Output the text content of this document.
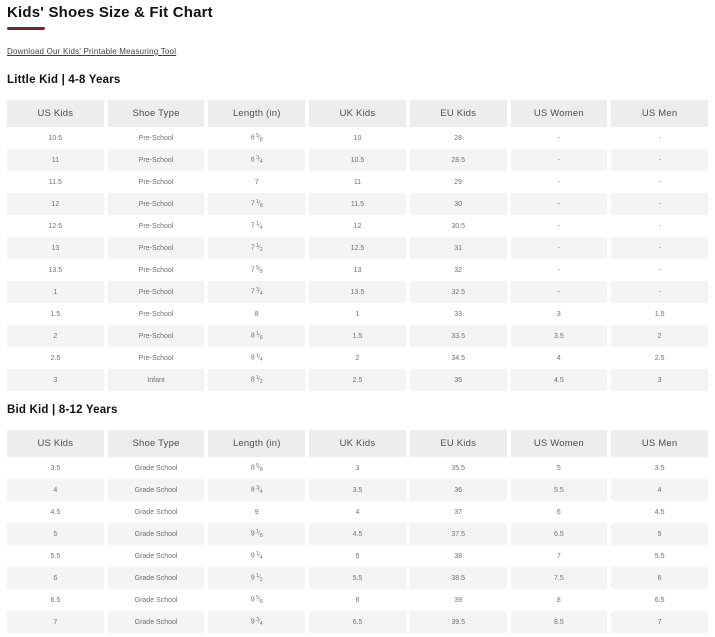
Kids' Shoes Size & Fit Chart
Download Our Kids' Printable Measuring Tool
Little Kid | 4-8 Years
US Kids	Shoe Type	Length (in)	UK Kids	EU Kids	US Women	US Men
10.5	Pre-School	6 $^5⁄_8$	10	28	-	-
11	Pre-School	6 $^3⁄_4$	10.5	28.5	-	-
11.5	Pre-School	7	11	29	-	-
12	Pre-School	7 $^1⁄_8$	11.5	30	-	-
12.5	Pre-School	7 $^1⁄_4$	12	30.5	-	-
13	Pre-School	7 $^1⁄_2$	12.5	31	-	-
13.5	Pre-School	7 $^5⁄_8$	13	32	-	-
1	Pre-School	7 $^3⁄_4$	13.5	32.5	-	-
1.5	Pre-School	8	1	33	3	1.5
2	Pre-School	8 $^1⁄_8$	1.5	33.5	3.5	2
2.5	Pre-School	8 $^1⁄_4$	2	34.5	4	2.5
3	Infant	8 $^1⁄_2$	2.5	35	4.5	3
Bid Kid | 8-12 Years
US Kids	Shoe Type	Length (in)	UK Kids	EU Kids	US Women	US Men
3.5	Grade School	8 $^5⁄_8$	3	35.5	5	3.5
4	Grade School	8 $^3⁄_4$	3.5	36	5.5	4
4.5	Grade School	9	4	37	6	4.5
5	Grade School	9 $^1⁄_8$	4.5	37.5	6.5	5
5.5	Grade School	9 $^1⁄_4$	5	38	7	5.5
6	Grade School	9 $^1⁄_2$	5.5	38.5	7.5	6
6.5	Grade School	9 $^5⁄_8$	6	39	8	6.5
7	Grade School	9 $^3⁄_4$	6.5	39.5	8.5	7
